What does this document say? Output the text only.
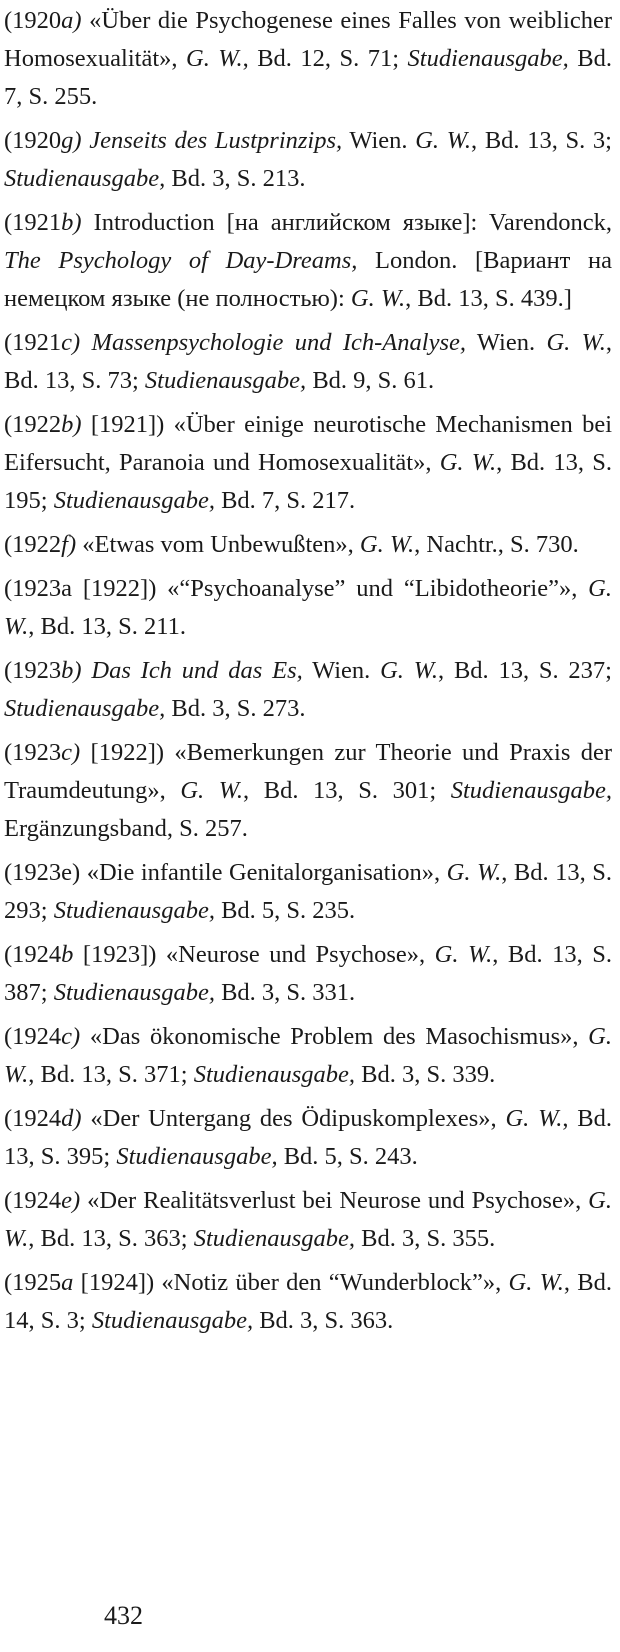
(1920a) «Über die Psychogenese eines Falles von weiblicher Homosexualität», G. W., Bd. 12, S. 71; Studienausgabe, Bd. 7, S. 255.
(1920g) Jenseits des Lustprinzips, Wien. G. W., Bd. 13, S. 3; Studienausgabe, Bd. 3, S. 213.
(1921b) Introduction [на английском языке]: Varendonck, The Psychology of Day-Dreams, London. [Вариант на немецком языке (не полностью): G. W., Bd. 13, S. 439.]
(1921c) Massenpsychologie und Ich-Analyse, Wien. G. W., Bd. 13, S. 73; Studienausgabe, Bd. 9, S. 61.
(1922b) [1921]) «Über einige neurotische Mechanismen bei Eifersucht, Paranoia und Homosexualität», G. W., Bd. 13, S. 195; Studienausgabe, Bd. 7, S. 217.
(1922f) «Etwas vom Unbewußten», G. W., Nachtr., S. 730.
(1923a [1922]) «“Psychoanalyse” und “Libidotheorie”», G. W., Bd. 13, S. 211.
(1923b) Das Ich und das Es, Wien. G. W., Bd. 13, S. 237; Studienausgabe, Bd. 3, S. 273.
(1923c) [1922]) «Bemerkungen zur Theorie und Praxis der Traumdeutung», G. W., Bd. 13, S. 301; Studienausgabe, Ergänzungsband, S. 257.
(1923e) «Die infantile Genitalorganisation», G. W., Bd. 13, S. 293; Studienausgabe, Bd. 5, S. 235.
(1924b [1923]) «Neurose und Psychose», G. W., Bd. 13, S. 387; Studienausgabe, Bd. 3, S. 331.
(1924c) «Das ökonomische Problem des Masochismus», G. W., Bd. 13, S. 371; Studienausgabe, Bd. 3, S. 339.
(1924d) «Der Untergang des Ödipuskomplexes», G. W., Bd. 13, S. 395; Studienausgabe, Bd. 5, S. 243.
(1924e) «Der Realitätsverlust bei Neurose und Psychose», G. W., Bd. 13, S. 363; Studienausgabe, Bd. 3, S. 355.
(1925a [1924]) «Notiz über den “Wunderblock”», G. W., Bd. 14, S. 3; Studienausgabe, Bd. 3, S. 363.
432
